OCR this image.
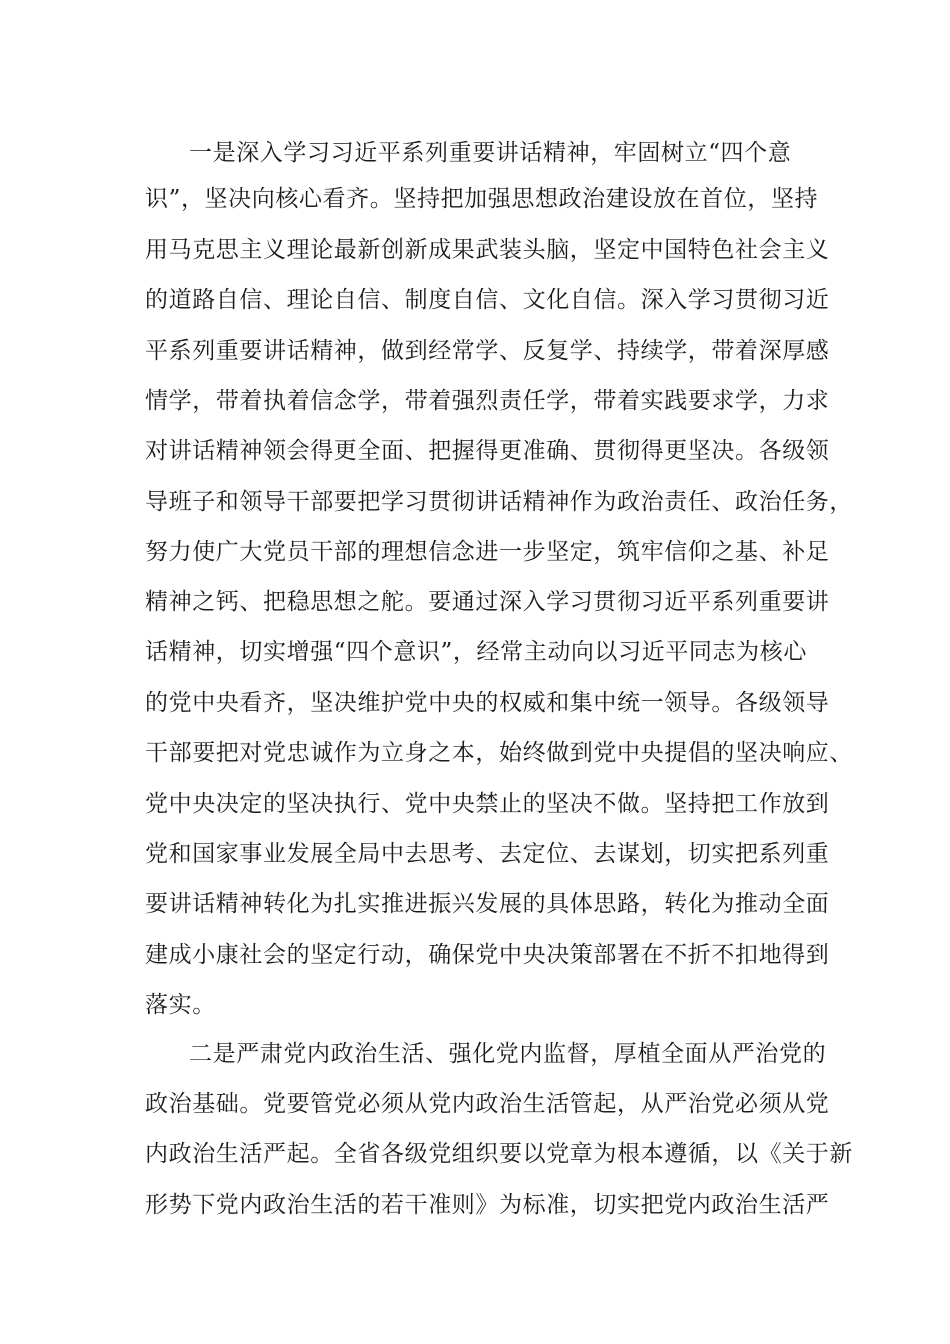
一是深入学习习近平系列重要讲话精神，牢固树立“四个意
识”，坚决向核心看齐。坚持把加强思想政治建设放在首位，坚持
用马克思主义理论最新创新成果武装头脑，坚定中国特色社会主义
的道路自信、理论自信、制度自信、文化自信。深入学习贯彻习近
平系列重要讲话精神，做到经常学、反复学、持续学，带着深厚感
情学，带着执着信念学，带着强烈责任学，带着实践要求学，力求
对讲话精神领会得更全面、把握得更准确、贯彻得更坚决。各级领
导班子和领导干部要把学习贯彻讲话精神作为政治责任、政治任务，
努力使广大党员干部的理想信念进一步坚定，筑牢信仰之基、补足
精神之钙、把稳思想之舵。要通过深入学习贯彻习近平系列重要讲
话精神，切实增强“四个意识”，经常主动向以习近平同志为核心
的党中央看齐，坚决维护党中央的权威和集中统一领导。各级领导
干部要把对党忠诚作为立身之本，始终做到党中央提倡的坚决响应、
党中央决定的坚决执行、党中央禁止的坚决不做。坚持把工作放到
党和国家事业发展全局中去思考、去定位、去谋划，切实把系列重
要讲话精神转化为扎实推进振兴发展的具体思路，转化为推动全面
建成小康社会的坚定行动，确保党中央决策部署在不折不扣地得到
落实。
二是严肃党内政治生活、强化党内监督，厚植全面从严治党的
政治基础。党要管党必须从党内政治生活管起，从严治党必须从党
内政治生活严起。全省各级党组织要以党章为根本遵循，以《关于新
形势下党内政治生活的若干准则》为标准，切实把党内政治生活严
